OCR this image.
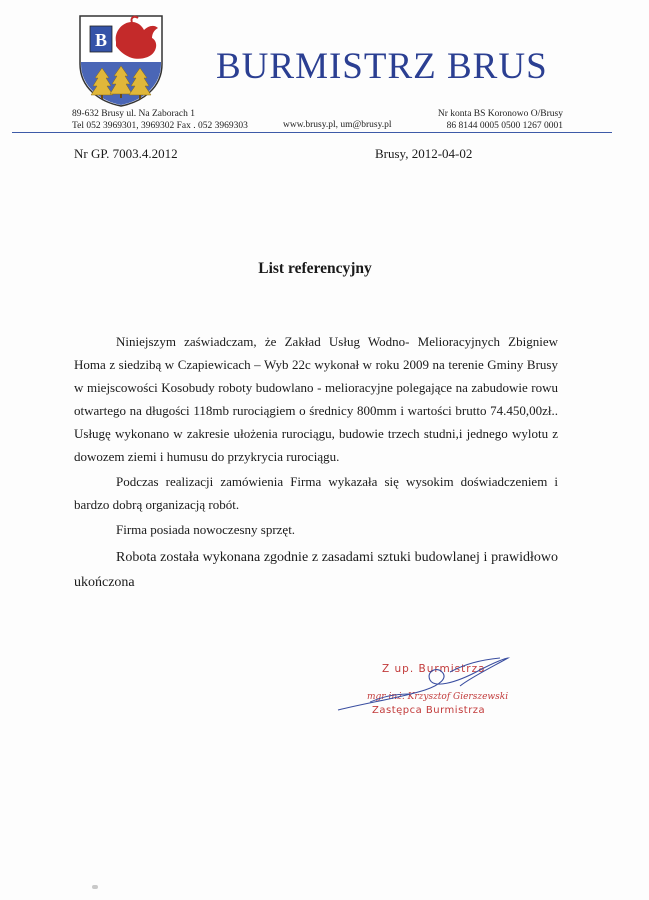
B
BURMISTRZ BRUS
89-632 Brusy ul. Na Zaborach 1
Tel 052 3969301, 3969302 Fax . 052 3969303	www.brusy.pl, um@brusy.pl
Nr konta BS Koronowo O/Brusy
86 8144 0005 0500 1267 0001
Nr GP. 7003.4.2012	Brusy, 2012-04-02
List referencyjny

Niniejszym zaświadczam, że Zakład Usług Wodno- Melioracyjnych Zbigniew Homa z siedzibą w Czapiewicach – Wyb 22c wykonał w roku 2009 na terenie Gminy Brusy w miejscowości Kosobudy roboty budowlano - melioracyjne polegające na zabudowie rowu otwartego na długości 118mb rurociągiem o średnicy 800mm i wartości brutto 74.450,00zł.. Usługę wykonano w zakresie ułożenia rurociągu, budowie trzech studni,i jednego wylotu z dowozem ziemi i humusu do przykrycia rurociągu.

Podczas realizacji zamówienia Firma wykazała się wysokim doświadczeniem i bardzo dobrą organizacją robót.

Firma posiada nowoczesny sprzęt.

Robota została wykonana zgodnie z zasadami sztuki budowlanej i prawidłowo ukończona

Z up. Burmistrza
mgr inż. Krzysztof Gierszewski
Zastępca Burmistrza
